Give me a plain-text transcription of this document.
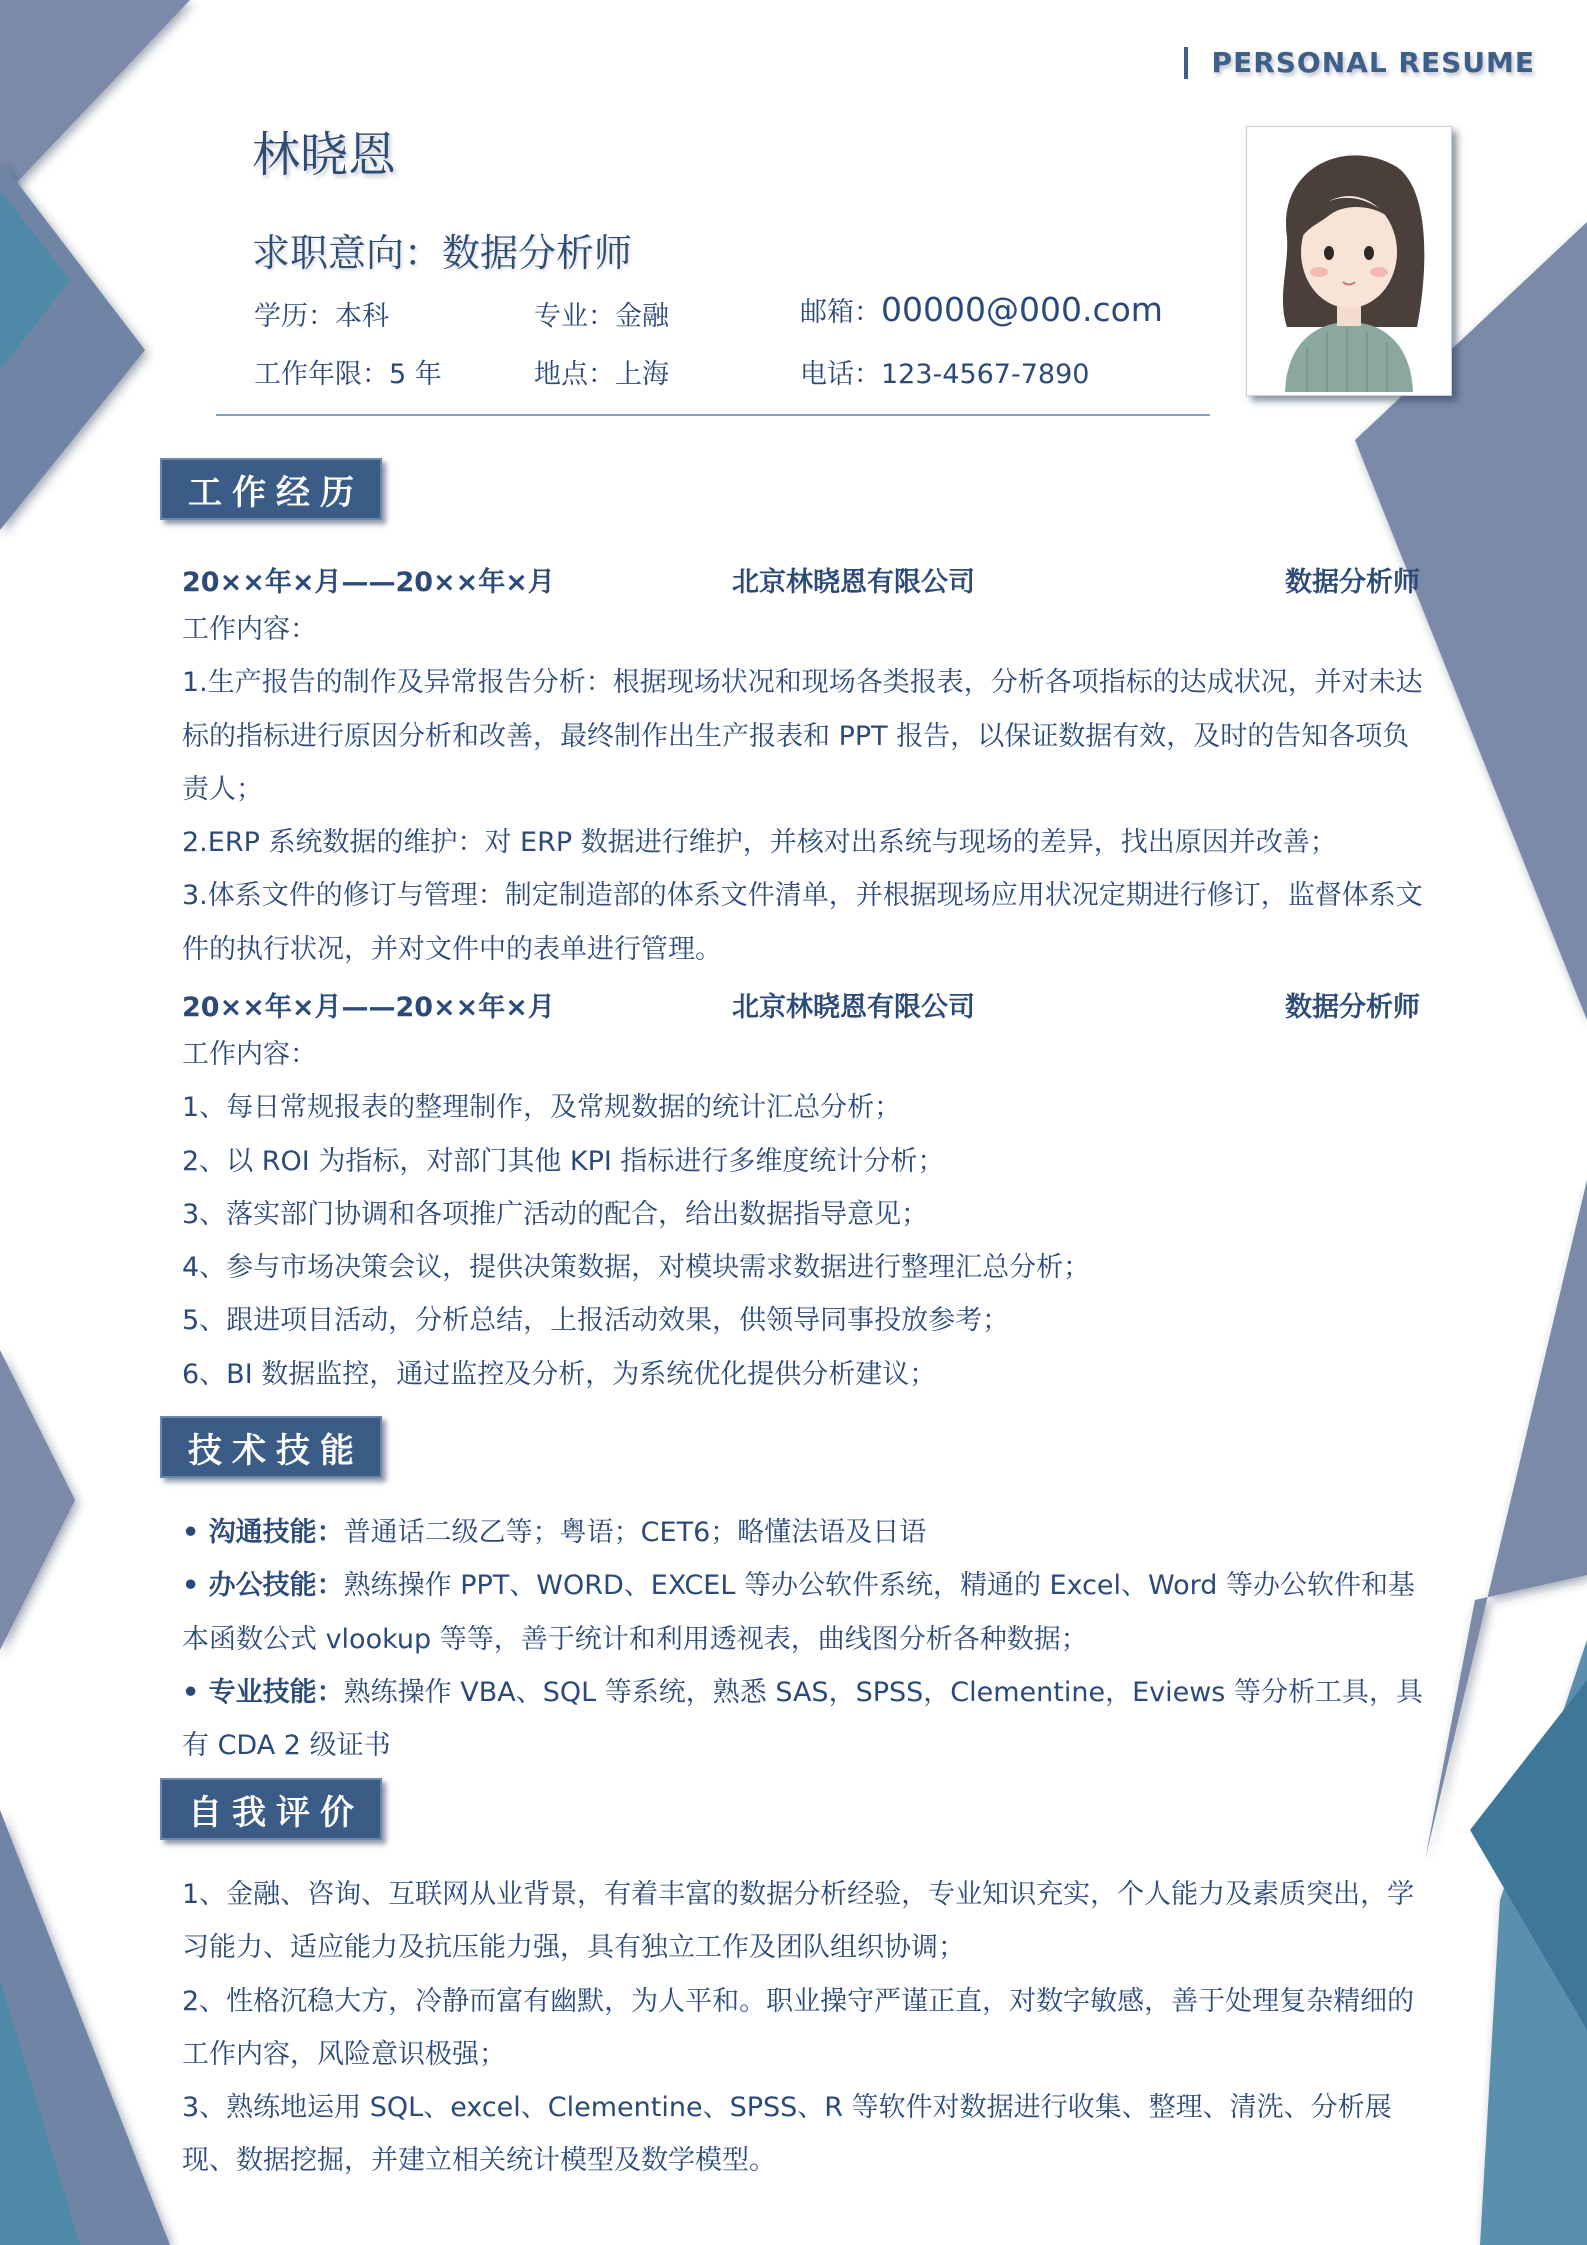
PERSONAL RESUME
林晓恩
求职意向：数据分析师
学历：本科	专业：金融	邮箱：00000@000.com
工作年限：5 年	地点：上海	电话：123-4567-7890
工作经历
20××年×月——20××年×月	北京林晓恩有限公司	数据分析师

工作内容：

1.生产报告的制作及异常报告分析：根据现场状况和现场各类报表，分析各项指标的达成状况，并对未达标的指标进行原因分析和改善，最终制作出生产报表和 PPT 报告，以保证数据有效，及时的告知各项负责人；

2.ERP 系统数据的维护：对 ERP 数据进行维护，并核对出系统与现场的差异，找出原因并改善；

3.体系文件的修订与管理：制定制造部的体系文件清单，并根据现场应用状况定期进行修订，监督体系文件的执行状况，并对文件中的表单进行管理。

20××年×月——20××年×月	北京林晓恩有限公司	数据分析师

工作内容：

1、每日常规报表的整理制作，及常规数据的统计汇总分析；

2、以 ROI 为指标，对部门其他 KPI 指标进行多维度统计分析；

3、落实部门协调和各项推广活动的配合，给出数据指导意见；

4、参与市场决策会议，提供决策数据，对模块需求数据进行整理汇总分析；

5、跟进项目活动，分析总结，上报活动效果，供领导同事投放参考；

6、BI 数据监控，通过监控及分析，为系统优化提供分析建议；

技术技能

• 沟通技能：普通话二级乙等；粤语；CET6；略懂法语及日语

• 办公技能：熟练操作 PPT、WORD、EXCEL 等办公软件系统，精通的 Excel、Word 等办公软件和基本函数公式 vlookup 等等，善于统计和利用透视表，曲线图分析各种数据；

• 专业技能：熟练操作 VBA、SQL 等系统，熟悉 SAS，SPSS，Clementine，Eviews 等分析工具，具有 CDA 2 级证书

自我评价

1、金融、咨询、互联网从业背景，有着丰富的数据分析经验，专业知识充实，个人能力及素质突出，学习能力、适应能力及抗压能力强，具有独立工作及团队组织协调；

2、性格沉稳大方，冷静而富有幽默，为人平和。职业操守严谨正直，对数字敏感，善于处理复杂精细的工作内容，风险意识极强；

3、熟练地运用 SQL、excel、Clementine、SPSS、R 等软件对数据进行收集、整理、清洗、分析展现、数据挖掘，并建立相关统计模型及数学模型。
